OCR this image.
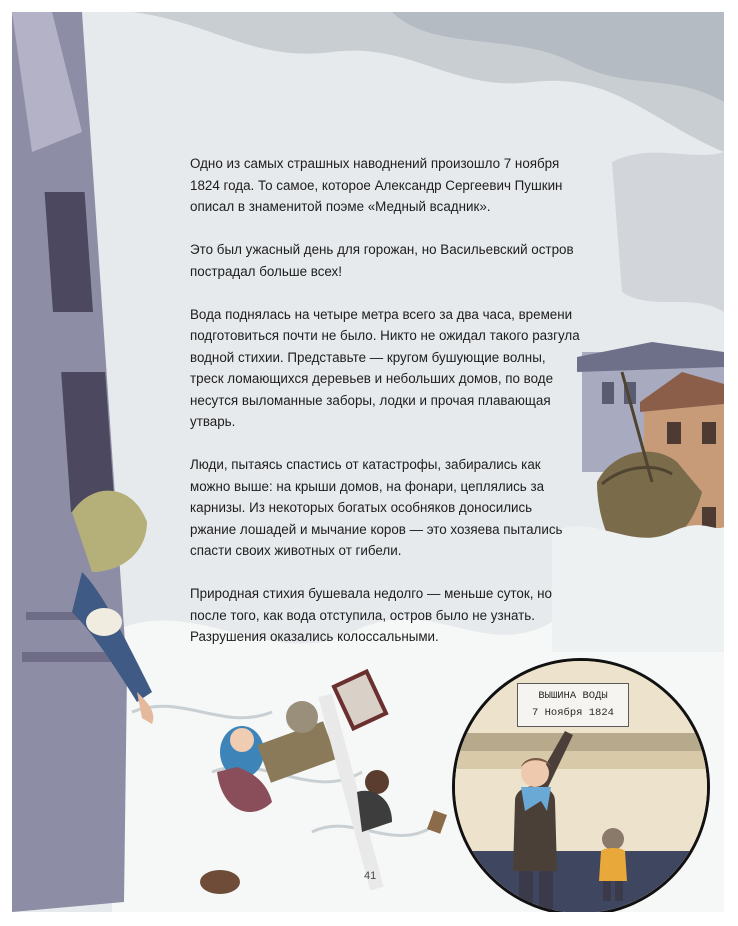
Одно из самых страшных наводнений произошло 7 ноября 1824 года. То самое, которое Александр Сергеевич Пушкин описал в знаменитой поэме «Медный всадник».

Это был ужасный день для горожан, но Васильевский остров пострадал больше всех!

Вода поднялась на четыре метра всего за два часа, времени подготовиться почти не было. Никто не ожидал такого разгула водной стихии. Представьте — кругом бушующие волны, треск ломающихся деревьев и небольших домов, по воде несутся выломанные заборы, лодки и прочая плавающая утварь.

Люди, пытаясь спастись от катастрофы, забирались как можно выше: на крыши домов, на фонари, цеплялись за карнизы. Из некоторых богатых особняков доносились ржание лошадей и мычание коров — это хозяева пытались спасти своих животных от гибели.

Природная стихия бушевала недолго — меньше суток, но после того, как вода отступила, остров было не узнать. Разрушения оказались колоссальными.

ВЫШИНА ВОДЫ
7 Ноября 1824
41
